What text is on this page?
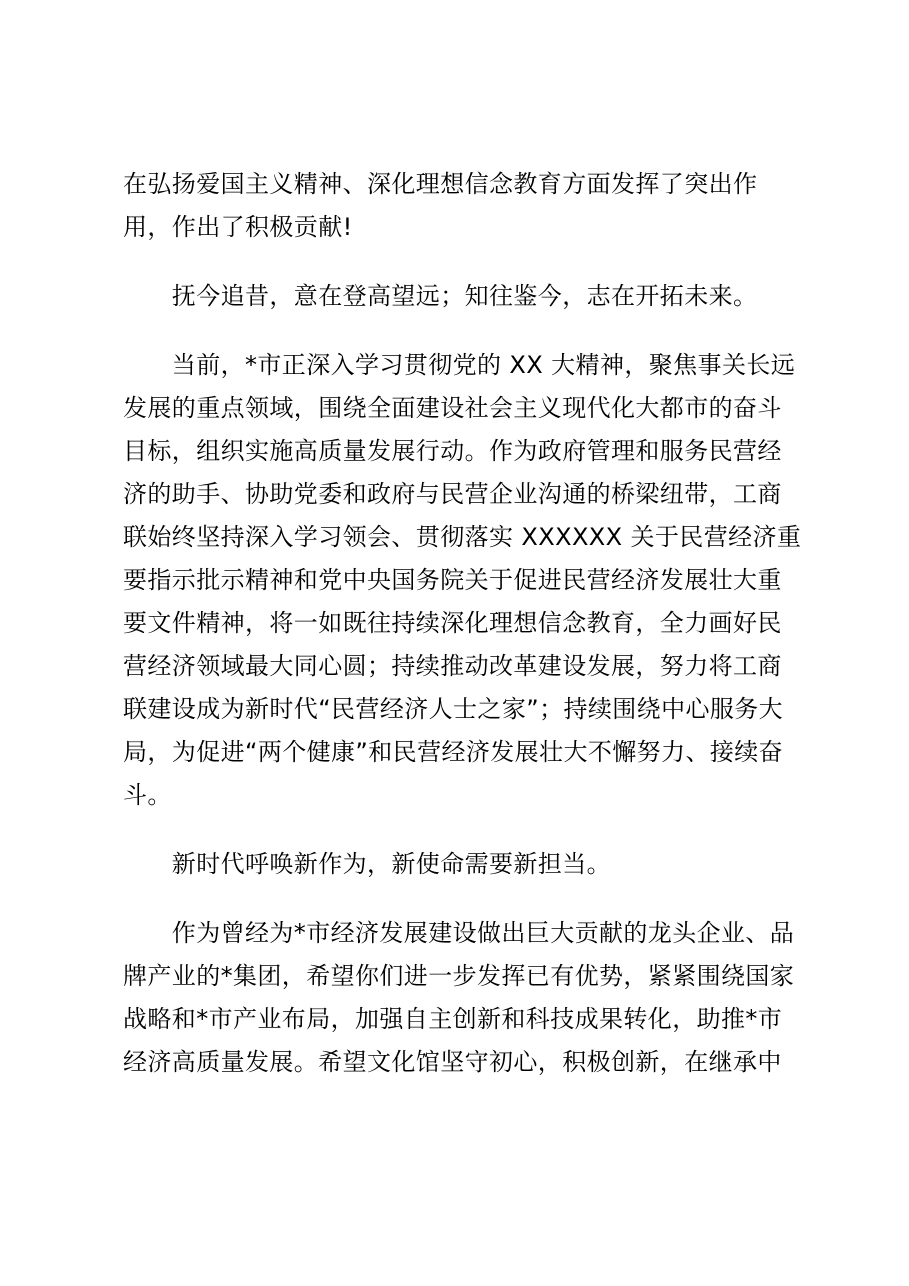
在弘扬爱国主义精神、深化理想信念教育方面发挥了突出作
用，作出了积极贡献!
　　抚今追昔，意在登高望远；知往鉴今，志在开拓未来。
　　当前，*市正深入学习贯彻党的 XX 大精神，聚焦事关长远
发展的重点领域，围绕全面建设社会主义现代化大都市的奋斗
目标，组织实施高质量发展行动。作为政府管理和服务民营经
济的助手、协助党委和政府与民营企业沟通的桥梁纽带，工商
联始终坚持深入学习领会、贯彻落实 XXXXXX 关于民营经济重
要指示批示精神和党中央国务院关于促进民营经济发展壮大重
要文件精神，将一如既往持续深化理想信念教育，全力画好民
营经济领域最大同心圆；持续推动改革建设发展，努力将工商
联建设成为新时代“民营经济人士之家”；持续围绕中心服务大
局，为促进“两个健康”和民营经济发展壮大不懈努力、接续奋
斗。
　　新时代呼唤新作为，新使命需要新担当。
　　作为曾经为*市经济发展建设做出巨大贡献的龙头企业、品
牌产业的*集团，希望你们进一步发挥已有优势，紧紧围绕国家
战略和*市产业布局，加强自主创新和科技成果转化，助推*市
经济高质量发展。希望文化馆坚守初心，积极创新，在继承中
